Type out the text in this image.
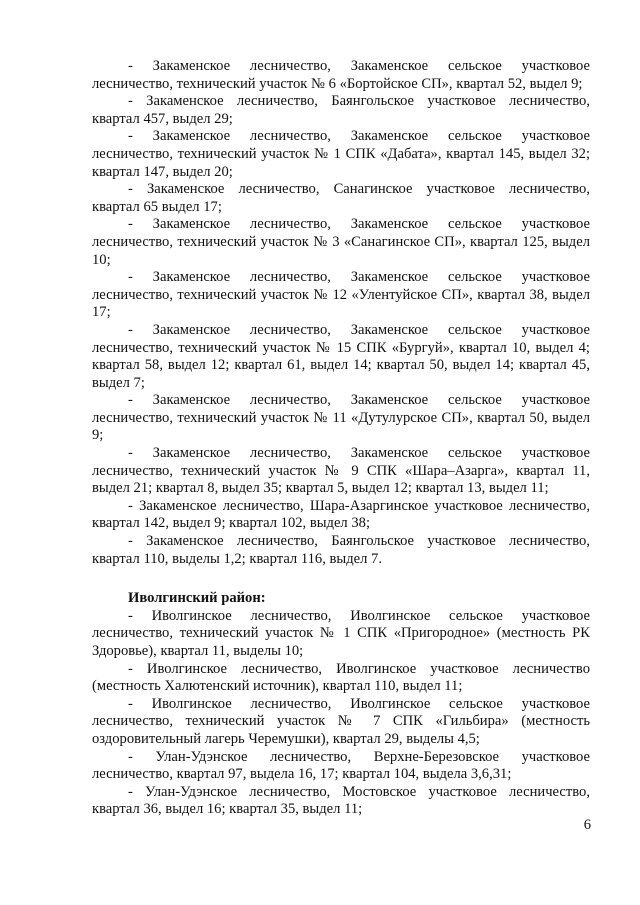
- Закаменское лесничество, Закаменское сельское участковое
лесничество, технический участок № 6 «Бортойское СП», квартал 52, выдел 9;
- Закаменское лесничество, Баянгольское участковое лесничество,
квартал 457, выдел 29;
- Закаменское лесничество, Закаменское сельское участковое
лесничество, технический участок № 1 СПК «Дабата», квартал 145, выдел 32;
квартал 147, выдел 20;
- Закаменское лесничество, Санагинское участковое лесничество,
квартал 65 выдел 17;
- Закаменское лесничество, Закаменское сельское участковое
лесничество, технический участок № 3 «Санагинское СП», квартал 125, выдел
10;
- Закаменское лесничество, Закаменское сельское участковое
лесничество, технический участок № 12 «Улентуйское СП», квартал 38, выдел
17;
- Закаменское лесничество, Закаменское сельское участковое
лесничество, технический участок № 15 СПК «Бургуй», квартал 10, выдел 4;
квартал 58, выдел 12; квартал 61, выдел 14; квартал 50, выдел 14; квартал 45,
выдел 7;
- Закаменское лесничество, Закаменское сельское участковое
лесничество, технический участок № 11 «Дутулурское СП», квартал 50, выдел
9;
- Закаменское лесничество, Закаменское сельское участковое
лесничество, технический участок № 9 СПК «Шара–Азарга», квартал 11,
выдел 21; квартал 8, выдел 35; квартал 5, выдел 12; квартал 13, выдел 11;
- Закаменское лесничество, Шара-Азаргинское участковое лесничество,
квартал 142, выдел 9; квартал 102, выдел 38;
- Закаменское лесничество, Баянгольское участковое лесничество,
квартал 110, выделы 1,2; квартал 116, выдел 7.
Иволгинский район:
- Иволгинское лесничество, Иволгинское сельское участковое
лесничество, технический участок № 1 СПК «Пригородное» (местность РК
Здоровье), квартал 11, выделы 10;
- Иволгинское лесничество, Иволгинское участковое лесничество
(местность Халютенский источник), квартал 110, выдел 11;
- Иволгинское лесничество, Иволгинское сельское участковое
лесничество, технический участок № 7 СПК «Гильбира» (местность
оздоровительный лагерь Черемушки), квартал 29, выделы 4,5;
- Улан-Удэнское лесничество, Верхне-Березовское участковое
лесничество, квартал 97, выдела 16, 17; квартал 104, выдела 3,6,31;
- Улан-Удэнское лесничество, Мостовское участковое лесничество,
квартал 36, выдел 16; квартал 35, выдел 11;
6
